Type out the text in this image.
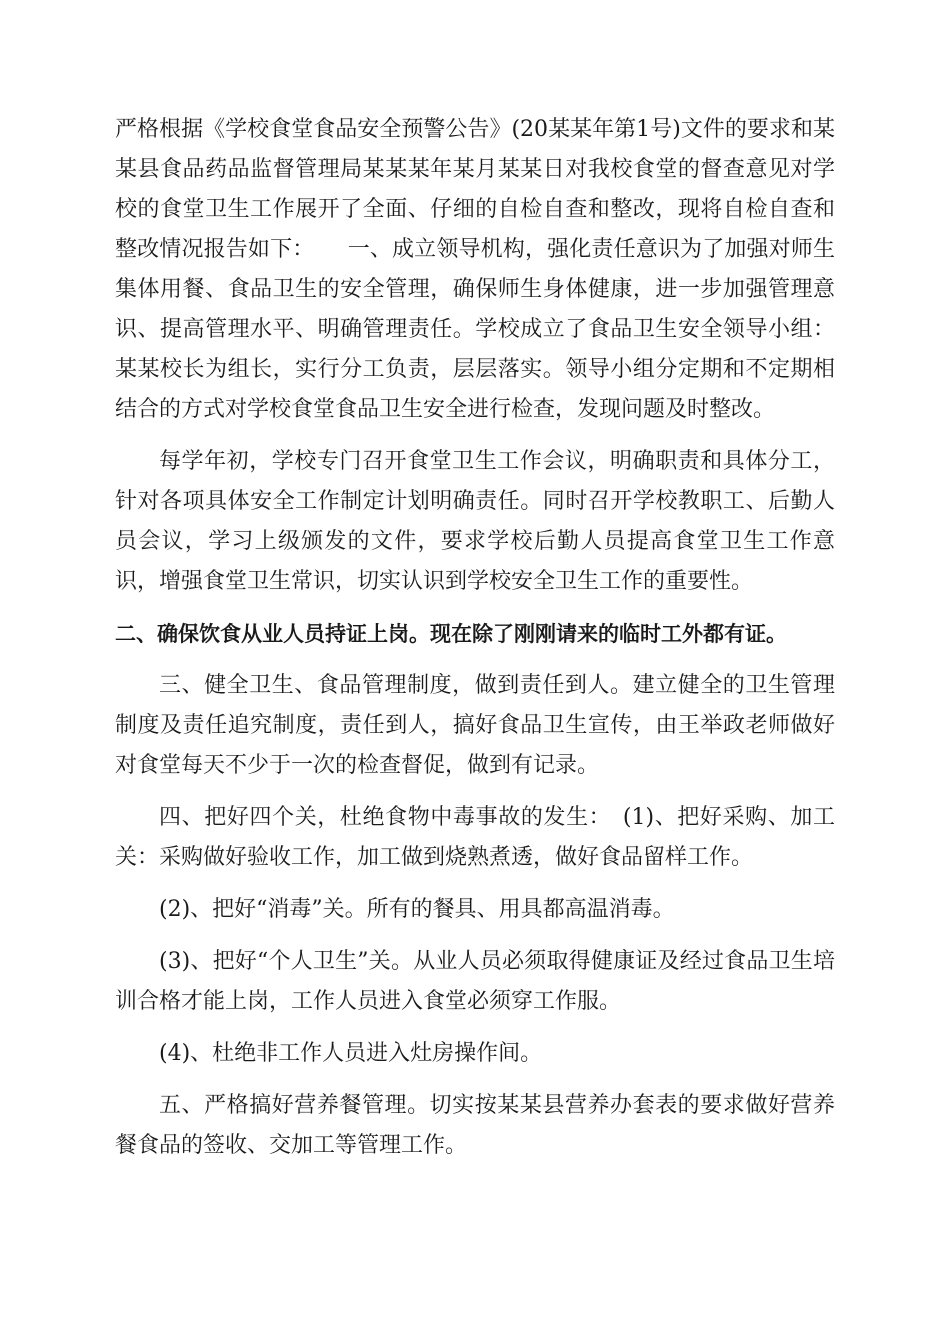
严格根据《学校食堂食品安全预警公告》(20某某年第1号)文件的要求和某某县食品药品监督管理局某某某年某月某某日对我校食堂的督查意见对学校的食堂卫生工作展开了全面、仔细的自检自查和整改，现将自检自查和整改情况报告如下：　　一、成立领导机构，强化责任意识为了加强对师生集体用餐、食品卫生的安全管理，确保师生身体健康，进一步加强管理意识、提高管理水平、明确管理责任。学校成立了食品卫生安全领导小组：某某校长为组长，实行分工负责，层层落实。领导小组分定期和不定期相结合的方式对学校食堂食品卫生安全进行检查，发现问题及时整改。

每学年初，学校专门召开食堂卫生工作会议，明确职责和具体分工，针对各项具体安全工作制定计划明确责任。同时召开学校教职工、后勤人员会议，学习上级颁发的文件，要求学校后勤人员提高食堂卫生工作意识，增强食堂卫生常识，切实认识到学校安全卫生工作的重要性。

二、确保饮食从业人员持证上岗。现在除了刚刚请来的临时工外都有证。

三、健全卫生、食品管理制度，做到责任到人。建立健全的卫生管理制度及责任追究制度，责任到人，搞好食品卫生宣传，由王举政老师做好对食堂每天不少于一次的检查督促，做到有记录。

四、把好四个关，杜绝食物中毒事故的发生：　(1)、把好采购、加工关：采购做好验收工作，加工做到烧熟煮透，做好食品留样工作。

(2)、把好“消毒”关。所有的餐具、用具都高温消毒。

(3)、把好“个人卫生”关。从业人员必须取得健康证及经过食品卫生培训合格才能上岗，工作人员进入食堂必须穿工作服。

(4)、杜绝非工作人员进入灶房操作间。

五、严格搞好营养餐管理。切实按某某县营养办套表的要求做好营养餐食品的签收、交加工等管理工作。
